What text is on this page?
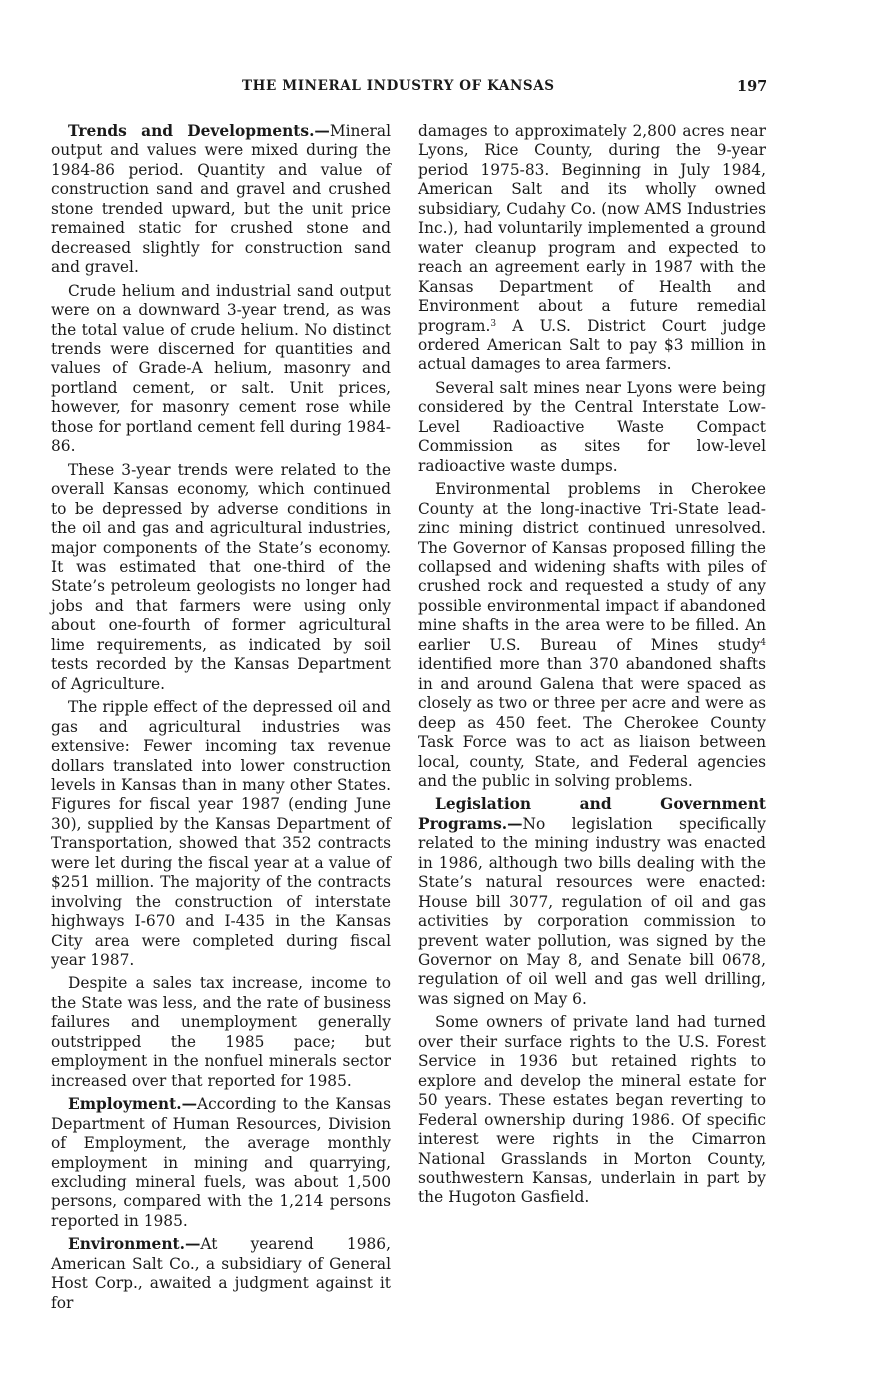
THE MINERAL INDUSTRY OF KANSAS	197

Trends and Developments.—Mineral output and values were mixed during the 1984-86 period. Quantity and value of construction sand and gravel and crushed stone trended upward, but the unit price remained static for crushed stone and decreased slightly for construction sand and gravel.

Crude helium and industrial sand output were on a downward 3-year trend, as was the total value of crude helium. No distinct trends were discerned for quantities and values of Grade-A helium, masonry and portland cement, or salt. Unit prices, however, for masonry cement rose while those for portland cement fell during 1984-86.

These 3-year trends were related to the overall Kansas economy, which continued to be depressed by adverse conditions in the oil and gas and agricultural industries, major components of the State’s economy. It was estimated that one-third of the State’s petroleum geologists no longer had jobs and that farmers were using only about one-fourth of former agricultural lime requirements, as indicated by soil tests recorded by the Kansas Department of Agriculture.

The ripple effect of the depressed oil and gas and agricultural industries was extensive: Fewer incoming tax revenue dollars translated into lower construction levels in Kansas than in many other States. Figures for fiscal year 1987 (ending June 30), supplied by the Kansas Department of Transportation, showed that 352 contracts were let during the fiscal year at a value of $251 million. The majority of the contracts involving the construction of interstate highways I-670 and I-435 in the Kansas City area were completed during fiscal year 1987.

Despite a sales tax increase, income to the State was less, and the rate of business failures and unemployment generally outstripped the 1985 pace; but employment in the nonfuel minerals sector increased over that reported for 1985.

Employment.—According to the Kansas Department of Human Resources, Division of Employment, the average monthly employment in mining and quarrying, excluding mineral fuels, was about 1,500 persons, compared with the 1,214 persons reported in 1985.

Environment.—At yearend 1986, American Salt Co., a subsidiary of General Host Corp., awaited a judgment against it for

damages to approximately 2,800 acres near Lyons, Rice County, during the 9-year period 1975-83. Beginning in July 1984, American Salt and its wholly owned subsidiary, Cudahy Co. (now AMS Industries Inc.), had voluntarily implemented a ground water cleanup program and expected to reach an agreement early in 1987 with the Kansas Department of Health and Environment about a future remedial program.$^3$ A U.S. District Court judge ordered American Salt to pay $3 million in actual damages to area farmers.

Several salt mines near Lyons were being considered by the Central Interstate Low-Level Radioactive Waste Compact Commission as sites for low-level radioactive waste dumps.

Environmental problems in Cherokee County at the long-inactive Tri-State lead-zinc mining district continued unresolved. The Governor of Kansas proposed filling the collapsed and widening shafts with piles of crushed rock and requested a study of any possible environmental impact if abandoned mine shafts in the area were to be filled. An earlier U.S. Bureau of Mines study$^4$ identified more than 370 abandoned shafts in and around Galena that were spaced as closely as two or three per acre and were as deep as 450 feet. The Cherokee County Task Force was to act as liaison between local, county, State, and Federal agencies and the public in solving problems.

Legislation and Government Programs.—No legislation specifically related to the mining industry was enacted in 1986, although two bills dealing with the State’s natural resources were enacted: House bill 3077, regulation of oil and gas activities by corporation commission to prevent water pollution, was signed by the Governor on May 8, and Senate bill 0678, regulation of oil well and gas well drilling, was signed on May 6.

Some owners of private land had turned over their surface rights to the U.S. Forest Service in 1936 but retained rights to explore and develop the mineral estate for 50 years. These estates began reverting to Federal ownership during 1986. Of specific interest were rights in the Cimarron National Grasslands in Morton County, southwestern Kansas, underlain in part by the Hugoton Gasfield.
